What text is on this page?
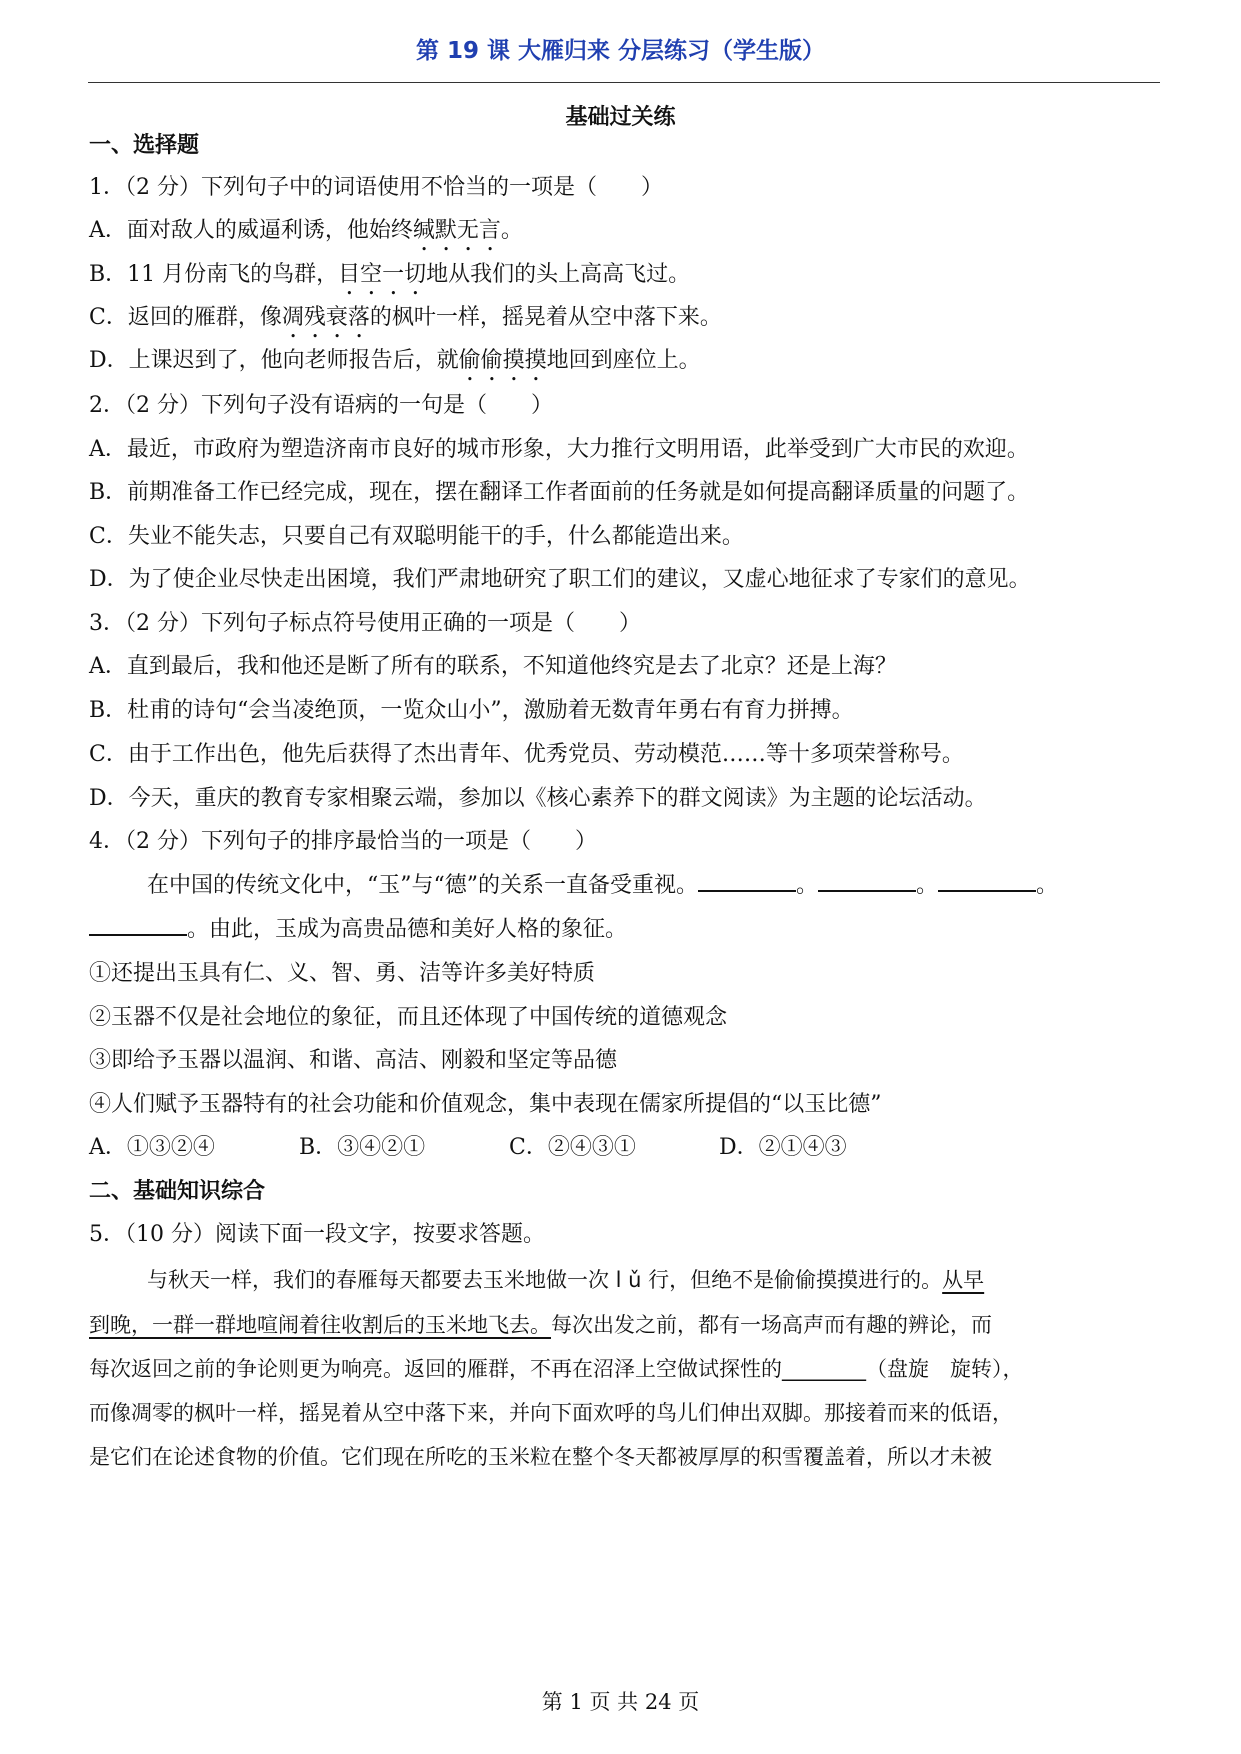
第 19 课 大雁归来 分层练习（学生版）
基础过关练
一、选择题
1．（2 分）下列句子中的词语使用不恰当的一项是（　　）
A．面对敌人的威逼利诱，他始终缄默无言。
B．11 月份南飞的鸟群，目空一切地从我们的头上高高飞过。
C．返回的雁群，像凋残衰落的枫叶一样，摇晃着从空中落下来。
D．上课迟到了，他向老师报告后，就偷偷摸摸地回到座位上。
2．（2 分）下列句子没有语病的一句是（　　）
A．最近，市政府为塑造济南市良好的城市形象，大力推行文明用语，此举受到广大市民的欢迎。
B．前期准备工作已经完成，现在，摆在翻译工作者面前的任务就是如何提高翻译质量的问题了。
C．失业不能失志，只要自己有双聪明能干的手，什么都能造出来。
D．为了使企业尽快走出困境，我们严肃地研究了职工们的建议，又虚心地征求了专家们的意见。
3．（2 分）下列句子标点符号使用正确的一项是（　　）
A．直到最后，我和他还是断了所有的联系，不知道他终究是去了北京？还是上海？
B．杜甫的诗句“会当凌绝顶，一览众山小”，激励着无数青年勇右有育力拼搏。
C．由于工作出色，他先后获得了杰出青年、优秀党员、劳动模范……等十多项荣誉称号。
D．今天，重庆的教育专家相聚云端，参加以《核心素养下的群文阅读》为主题的论坛活动。
4．（2 分）下列句子的排序最恰当的一项是（　　）
在中国的传统文化中，“玉”与“德”的关系一直备受重视。	。	。	。
。由此，玉成为高贵品德和美好人格的象征。
①还提出玉具有仁、义、智、勇、洁等许多美好特质
②玉器不仅是社会地位的象征，而且还体现了中国传统的道德观念
③即给予玉器以温润、和谐、高洁、刚毅和坚定等品德
④人们赋予玉器特有的社会功能和价值观念，集中表现在儒家所提倡的“以玉比德”
A．①③②④	B．③④②①	C．②④③①	D．②①④③
二、基础知识综合
5．（10 分）阅读下面一段文字，按要求答题。
与秋天一样，我们的春雁每天都要去玉米地做一次 l ǔ 行，但绝不是偷偷摸摸进行的。从早
到晚，一群一群地喧闹着往收割后的玉米地飞去。每次出发之前，都有一场高声而有趣的辨论，而
每次返回之前的争论则更为响亮。返回的雁群，不再在沼泽上空做试探性的________（盘旋　旋转），
而像凋零的枫叶一样，摇晃着从空中落下来，并向下面欢呼的鸟儿们伸出双脚。那接着而来的低语，
是它们在论述食物的价值。它们现在所吃的玉米粒在整个冬天都被厚厚的积雪覆盖着，所以才未被
第 1 页 共 24 页
